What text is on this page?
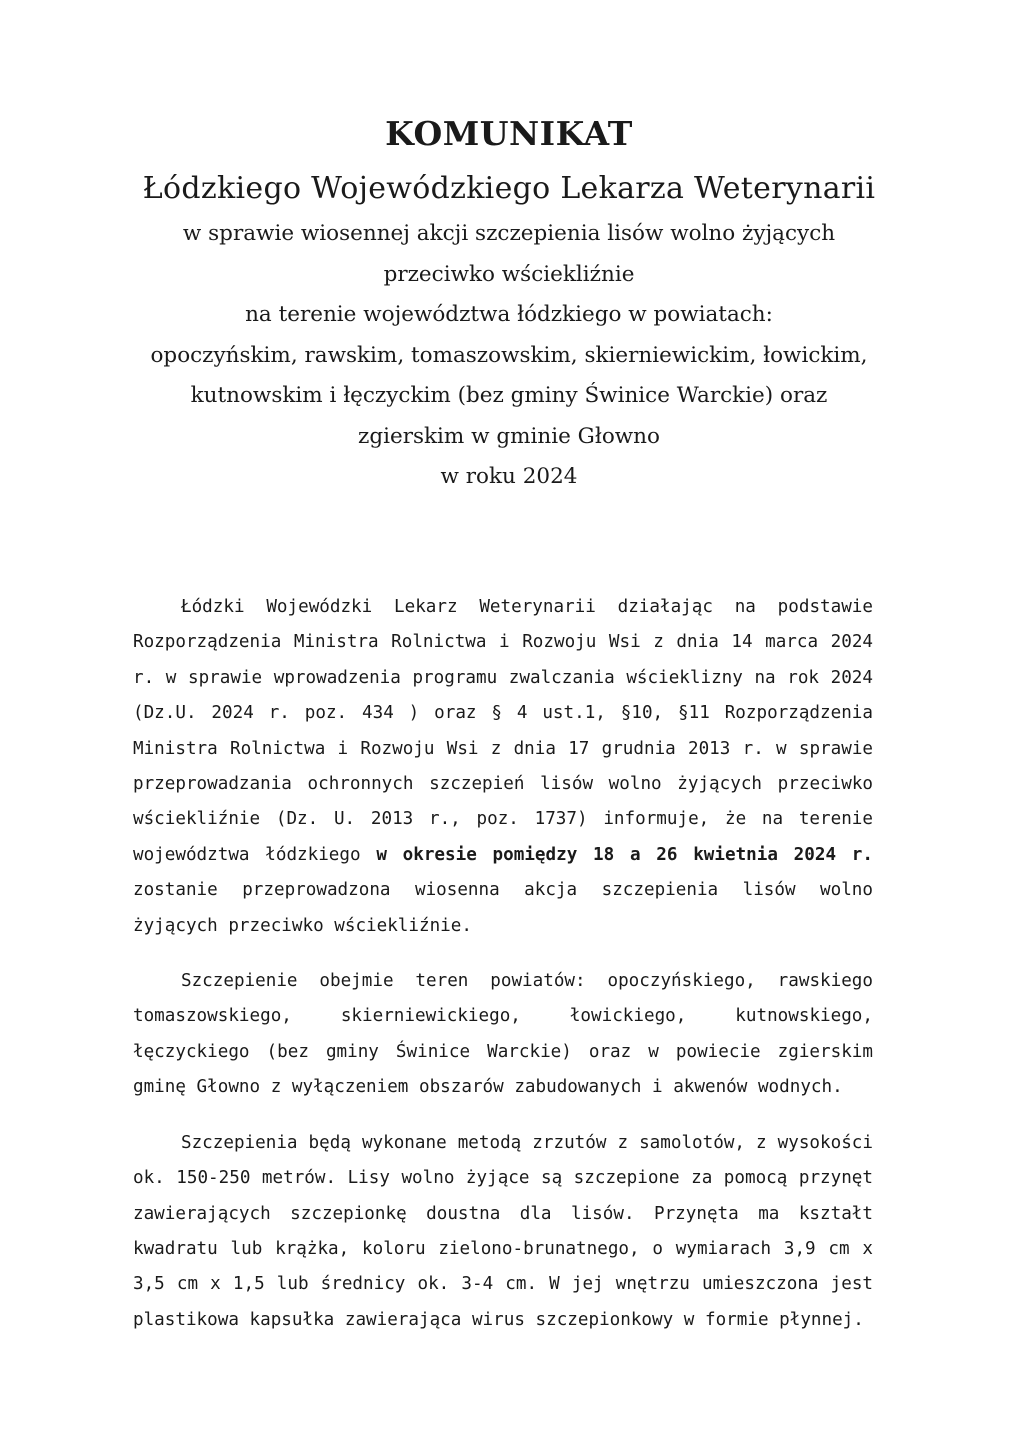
KOMUNIKAT
Łódzkiego Wojewódzkiego Lekarza Weterynarii
w sprawie wiosennej akcji szczepienia lisów wolno żyjących
przeciwko wściekliźnie
na terenie województwa łódzkiego w powiatach:
opoczyńskim, rawskim, tomaszowskim, skierniewickim, łowickim,
kutnowskim i łęczyckim (bez gminy Świnice Warckie) oraz
zgierskim w gminie Głowno
w roku 2024

Łódzki Wojewódzki Lekarz Weterynarii działając na podstawie Rozporządzenia Ministra Rolnictwa i Rozwoju Wsi z dnia 14 marca 2024 r. w sprawie wprowadzenia programu zwalczania wścieklizny na rok 2024 (Dz.U. 2024 r. poz. 434 ) oraz § 4 ust.1, §10, §11 Rozporządzenia Ministra Rolnictwa i Rozwoju Wsi z dnia 17 grudnia 2013 r. w sprawie przeprowadzania ochronnych szczepień lisów wolno żyjących przeciwko wściekliźnie (Dz. U. 2013 r., poz. 1737) informuje, że na terenie województwa łódzkiego w okresie pomiędzy 18 a 26 kwietnia 2024 r. zostanie przeprowadzona wiosenna akcja szczepienia lisów wolno żyjących przeciwko wściekliźnie.

Szczepienie obejmie teren powiatów: opoczyńskiego, rawskiego tomaszowskiego, skierniewickiego, łowickiego, kutnowskiego, łęczyckiego (bez gminy Świnice Warckie) oraz w powiecie zgierskim gminę Głowno z wyłączeniem obszarów zabudowanych i akwenów wodnych.

Szczepienia będą wykonane metodą zrzutów z samolotów, z wysokości ok. 150-250 metrów. Lisy wolno żyjące są szczepione za pomocą przynęt zawierających szczepionkę doustna dla lisów. Przynęta ma kształt kwadratu lub krążka, koloru zielono-brunatnego, o wymiarach 3,9 cm x 3,5 cm x 1,5 lub średnicy ok. 3-4 cm. W jej wnętrzu umieszczona jest plastikowa kapsułka zawierająca wirus szczepionkowy w formie płynnej.
